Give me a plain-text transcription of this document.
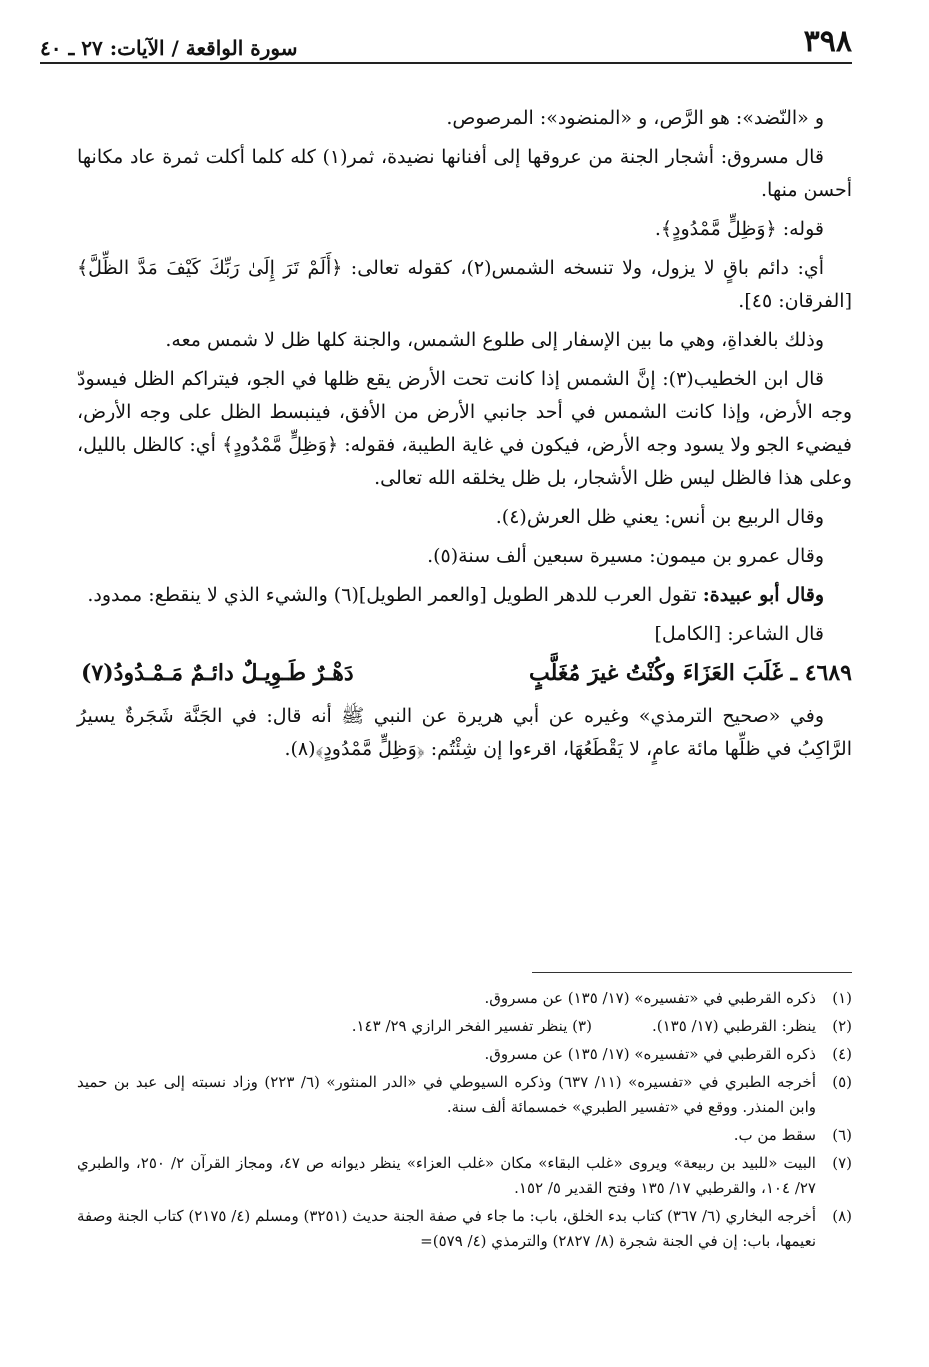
٣٩٨
سورة الواقعة / الآيات: ٢٧ ـ ٤٠

و «النّضد»: هو الرَّص، و «المنضود»: المرصوص.

قال مسروق: أشجار الجنة من عروقها إلى أفنانها نضيدة، ثمر(١) كله كلما أكلت ثمرة عاد مكانها أحسن منها.

قوله: ﴿وَظِلٍّ مَّمْدُودٍ﴾.

أي: دائم باقٍ لا يزول، ولا تنسخه الشمس(٢)، كقوله تعالى: ﴿أَلَمْ تَرَ إِلَىٰ رَبِّكَ كَيْفَ مَدَّ الظِّلَّ﴾ [الفرقان: ٤٥].

وذلك بالغداةِ، وهي ما بين الإسفار إلى طلوع الشمس، والجنة كلها ظل لا شمس معه.

قال ابن الخطيب(٣): إنَّ الشمس إذا كانت تحت الأرض يقع ظلها في الجو، فيتراكم الظل فيسودّ وجه الأرض، وإذا كانت الشمس في أحد جانبي الأرض من الأفق، فينبسط الظل على وجه الأرض، فيضيء الجو ولا يسود وجه الأرض، فيكون في غاية الطيبة، فقوله: ﴿وَظِلٍّ مَّمْدُودٍ﴾ أي: كالظل بالليل، وعلى هذا فالظل ليس ظل الأشجار، بل ظل يخلقه الله تعالى.

وقال الربيع بن أنس: يعني ظل العرش(٤).

وقال عمرو بن ميمون: مسيرة سبعين ألف سنة(٥).

وقال أبو عبيدة: تقول العرب للدهر الطويل [والعمر الطويل](٦) والشيء الذي لا ينقطع: ممدود.

قال الشاعر: [الكامل]

٤٦٨٩ ـ غَلَبَ العَزَاءَ وكُنْتُ غيرَ مُغَلَّبٍ
دَهْـرٌ طَـوِيـلٌ دائـمٌ مَـمْـدُودُ(٧)

وفي «صحيح الترمذي» وغيره عن أبي هريرة عن النبي ﷺ أنه قال: في الجَنَّة شَجَرةٌ يسيرُ الرَّاكِبُ في ظلِّها مائة عامٍ، لا يَقْطَعُهَا، اقرءوا إن شِئْتُم: ﴿وَظِلٍّ مَّمْدُودٍ﴾(٨).

(١)
ذكره القرطبي في «تفسيره» (١٧/ ١٣٥) عن مسروق.
(٢)
ينظر: القرطبي (١٧/ ١٣٥).
(٣) ينظر تفسير الفخر الرازي ٢٩/ ١٤٣.
(٤)
ذكره القرطبي في «تفسيره» (١٧/ ١٣٥) عن مسروق.
(٥)
أخرجه الطبري في «تفسيره» (١١/ ٦٣٧) وذكره السيوطي في «الدر المنثور» (٦/ ٢٢٣) وزاد نسبته إلى عبد بن حميد وابن المنذر. ووقع في «تفسير الطبري» خمسمائة ألف سنة.
(٦)
سقط من ب.
(٧)
البيت «للبيد بن ربيعة» ويروى «غلب البقاء» مكان «غلب العزاء» ينظر ديوانه ص ٤٧، ومجاز القرآن ٢/ ٢٥٠، والطبري ٢٧/ ١٠٤، والقرطبي ١٧/ ١٣٥ وفتح القدير ٥/ ١٥٢.
(٨)
أخرجه البخاري (٦/ ٣٦٧) كتاب بدء الخلق، باب: ما جاء في صفة الجنة حديث (٣٢٥١) ومسلم (٤/ ٢١٧٥) كتاب الجنة وصفة نعيمها، باب: إن في الجنة شجرة (٨/ ٢٨٢٧) والترمذي (٤/ ٥٧٩)=
